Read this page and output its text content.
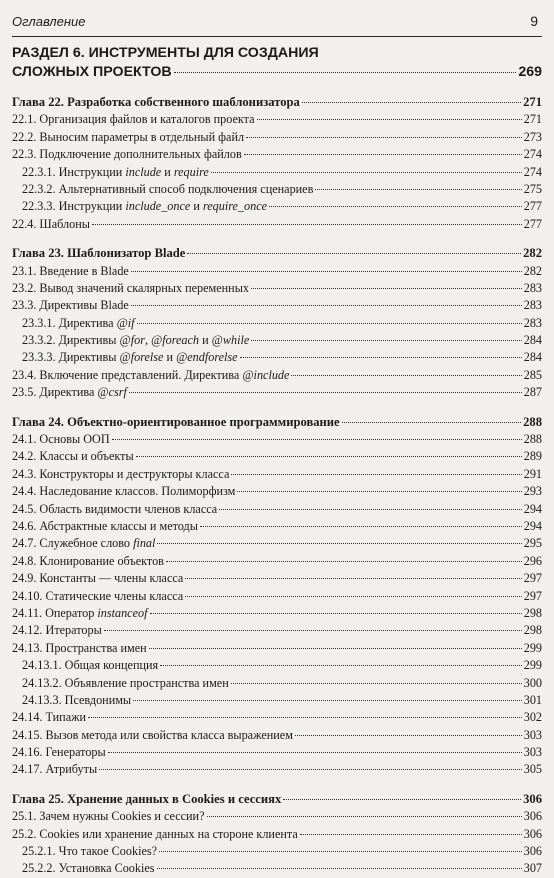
Оглавление	9
РАЗДЕЛ 6. ИНСТРУМЕНТЫ ДЛЯ СОЗДАНИЯ
СЛОЖНЫХ ПРОЕКТОВ	269
Глава 22. Разработка собственного шаблонизатора	271
22.1. Организация файлов и каталогов проекта	271
22.2. Выносим параметры в отдельный файл	273
22.3. Подключение дополнительных файлов	274
22.3.1. Инструкции include и require	274
22.3.2. Альтернативный способ подключения сценариев	275
22.3.3. Инструкции include_once и require_once	277
22.4. Шаблоны	277
Глава 23. Шаблонизатор Blade	282
23.1. Введение в Blade	282
23.2. Вывод значений скалярных переменных	283
23.3. Директивы Blade	283
23.3.1. Директива @if	283
23.3.2. Директивы @for, @foreach и @while	284
23.3.3. Директивы @forelse и @endforelse	284
23.4. Включение представлений. Директива @include	285
23.5. Директива @csrf	287
Глава 24. Объектно-ориентированное программирование	288
24.1. Основы ООП	288
24.2. Классы и объекты	289
24.3. Конструкторы и деструкторы класса	291
24.4. Наследование классов. Полиморфизм	293
24.5. Область видимости членов класса	294
24.6. Абстрактные классы и методы	294
24.7. Служебное слово final	295
24.8. Клонирование объектов	296
24.9. Константы — члены класса	297
24.10. Статические члены класса	297
24.11. Оператор instanceof	298
24.12. Итераторы	298
24.13. Пространства имен	299
24.13.1. Общая концепция	299
24.13.2. Объявление пространства имен	300
24.13.3. Псевдонимы	301
24.14. Типажи	302
24.15. Вызов метода или свойства класса выражением	303
24.16. Генераторы	303
24.17. Атрибуты	305
Глава 25. Хранение данных в Cookies и сессиях	306
25.1. Зачем нужны Cookies и сессии?	306
25.2. Cookies или хранение данных на стороне клиента	306
25.2.1. Что такое Cookies?	306
25.2.2. Установка Cookies	307
